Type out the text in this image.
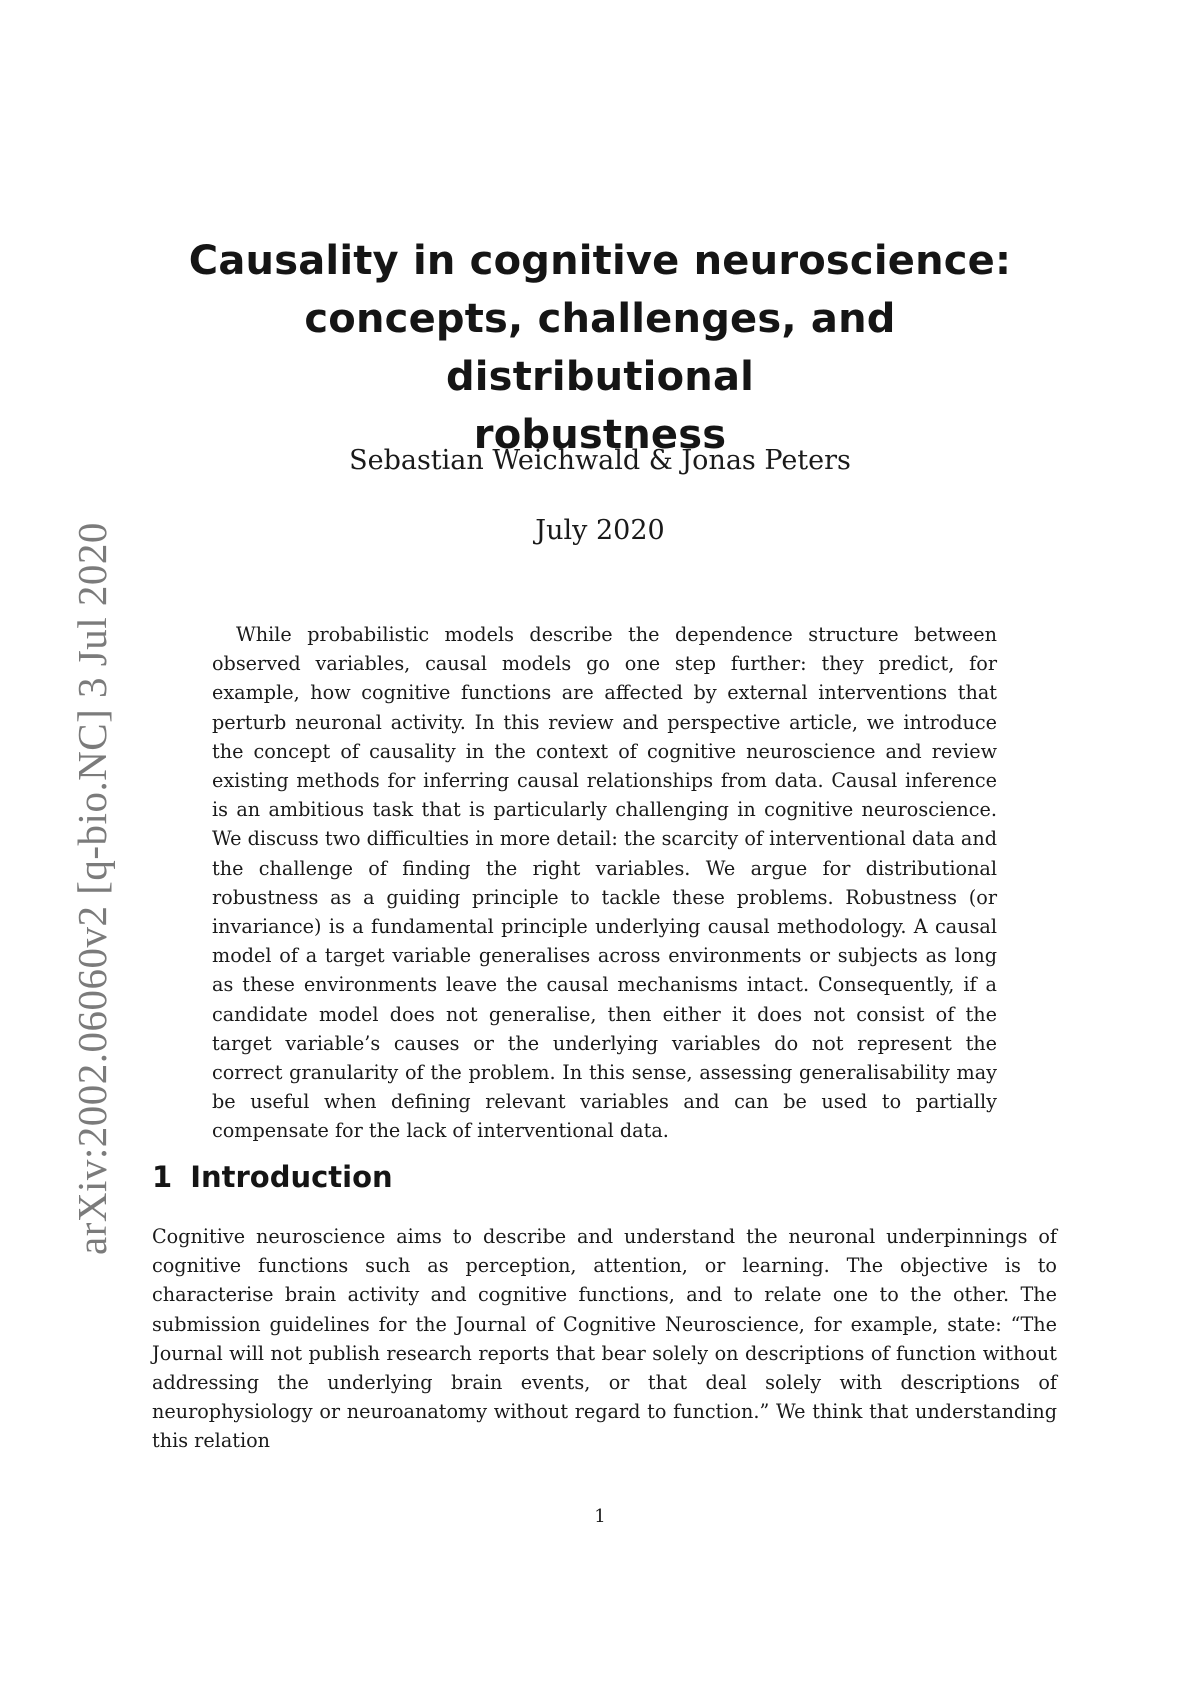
arXiv:2002.06060v2 [q-bio.NC] 3 Jul 2020
Causality in cognitive neuroscience:
concepts, challenges, and distributional
robustness
Sebastian Weichwald & Jonas Peters
July 2020

While probabilistic models describe the dependence structure between observed variables, causal models go one step further: they predict, for example, how cognitive functions are affected by external interventions that perturb neuronal activity. In this review and perspective article, we introduce the concept of causality in the context of cognitive neuroscience and review existing methods for inferring causal relationships from data. Causal inference is an ambitious task that is particularly challenging in cognitive neuroscience. We discuss two difficulties in more detail: the scarcity of interventional data and the challenge of finding the right variables. We argue for distributional robustness as a guiding principle to tackle these problems. Robustness (or invariance) is a fundamental principle underlying causal methodology. A causal model of a target variable generalises across environments or subjects as long as these environments leave the causal mechanisms intact. Consequently, if a candidate model does not generalise, then either it does not consist of the target variable’s causes or the underlying variables do not represent the correct granularity of the problem. In this sense, assessing generalisability may be useful when defining relevant variables and can be used to partially compensate for the lack of interventional data.

1 Introduction

Cognitive neuroscience aims to describe and understand the neuronal underpinnings of cognitive functions such as perception, attention, or learning. The objective is to characterise brain activity and cognitive functions, and to relate one to the other. The submission guidelines for the Journal of Cognitive Neuroscience, for example, state: “The Journal will not publish research reports that bear solely on descriptions of function without addressing the underlying brain events, or that deal solely with descriptions of neurophysiology or neuroanatomy without regard to function.” We think that understanding this relation

1
